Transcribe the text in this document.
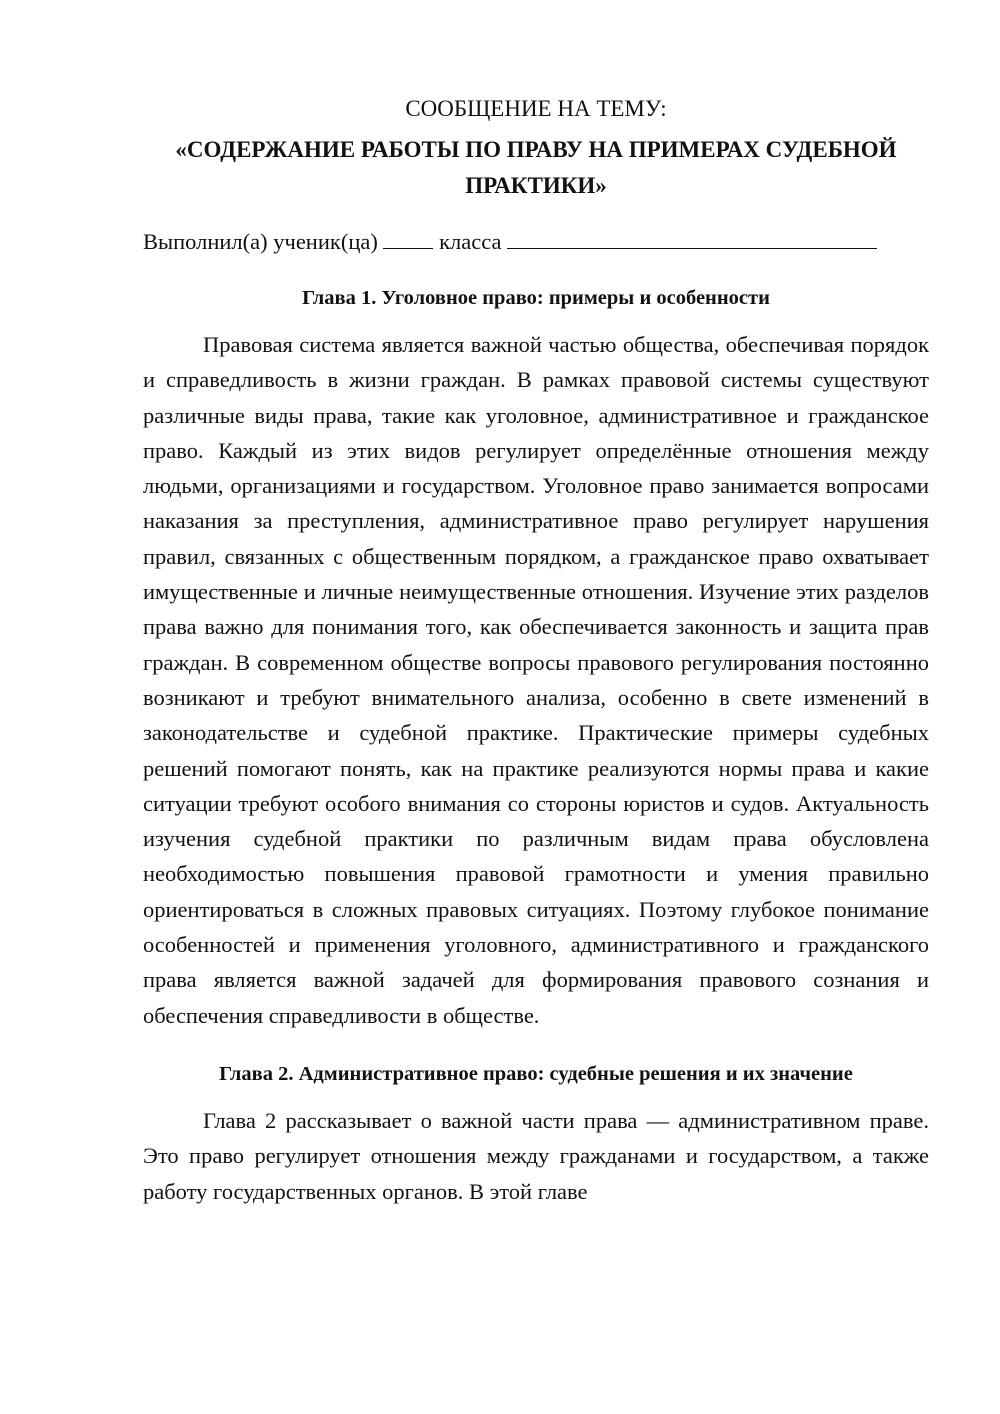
СООБЩЕНИЕ НА ТЕМУ:

«СОДЕРЖАНИЕ РАБОТЫ ПО ПРАВУ НА ПРИМЕРАХ СУДЕБНОЙ ПРАКТИКИ»

Выполнил(а) ученик(ца)	класса

Глава 1. Уголовное право: примеры и особенности

Правовая система является важной частью общества, обеспечивая порядок и справедливость в жизни граждан. В рамках правовой системы существуют различные виды права, такие как уголовное, административное и гражданское право. Каждый из этих видов регулирует определённые отношения между людьми, организациями и государством. Уголовное право занимается вопросами наказания за преступления, административное право регулирует нарушения правил, связанных с общественным порядком, а гражданское право охватывает имущественные и личные неимущественные отношения. Изучение этих разделов права важно для понимания того, как обеспечивается законность и защита прав граждан. В современном обществе вопросы правового регулирования постоянно возникают и требуют внимательного анализа, особенно в свете изменений в законодательстве и судебной практике. Практические примеры судебных решений помогают понять, как на практике реализуются нормы права и какие ситуации требуют особого внимания со стороны юристов и судов. Актуальность изучения судебной практики по различным видам права обусловлена необходимостью повышения правовой грамотности и умения правильно ориентироваться в сложных правовых ситуациях. Поэтому глубокое понимание особенностей и применения уголовного, административного и гражданского права является важной задачей для формирования правового сознания и обеспечения справедливости в обществе.

Глава 2. Административное право: судебные решения и их значение

Глава 2 рассказывает о важной части права — административном праве. Это право регулирует отношения между гражданами и государством, а также работу государственных органов. В этой главе
